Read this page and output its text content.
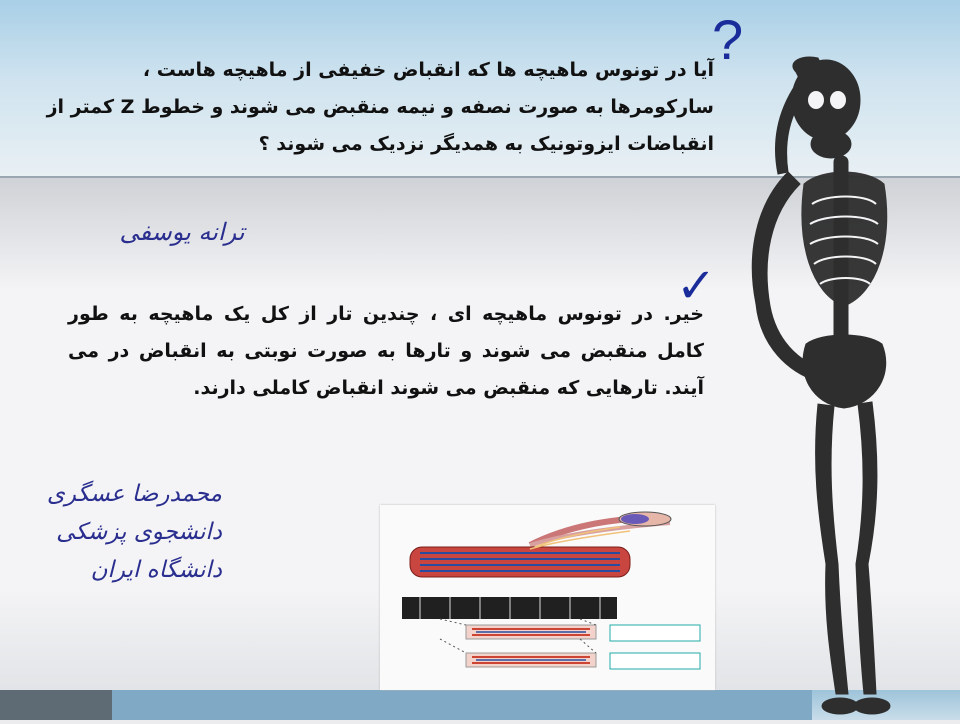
?
آیا در تونوس ماهیچه ها که انقباض خفیفی از ماهیچه هاست ، سارکومرها به صورت نصفه و نیمه منقبض می شوند و خطوط Z کمتر از انقباضات ایزوتونیک به همدیگر نزدیک می شوند ؟
ترانه یوسفی
✓
خیر. در تونوس ماهیچه ای ، چندین تار از کل یک ماهیچه به طور کامل منقبض می شوند و تارها به صورت نوبتی به انقباض در می آیند. تارهایی که منقبض می شوند انقباض کاملی دارند.
محمدرضا عسگری
دانشجوی پزشکی
دانشگاه ایران
